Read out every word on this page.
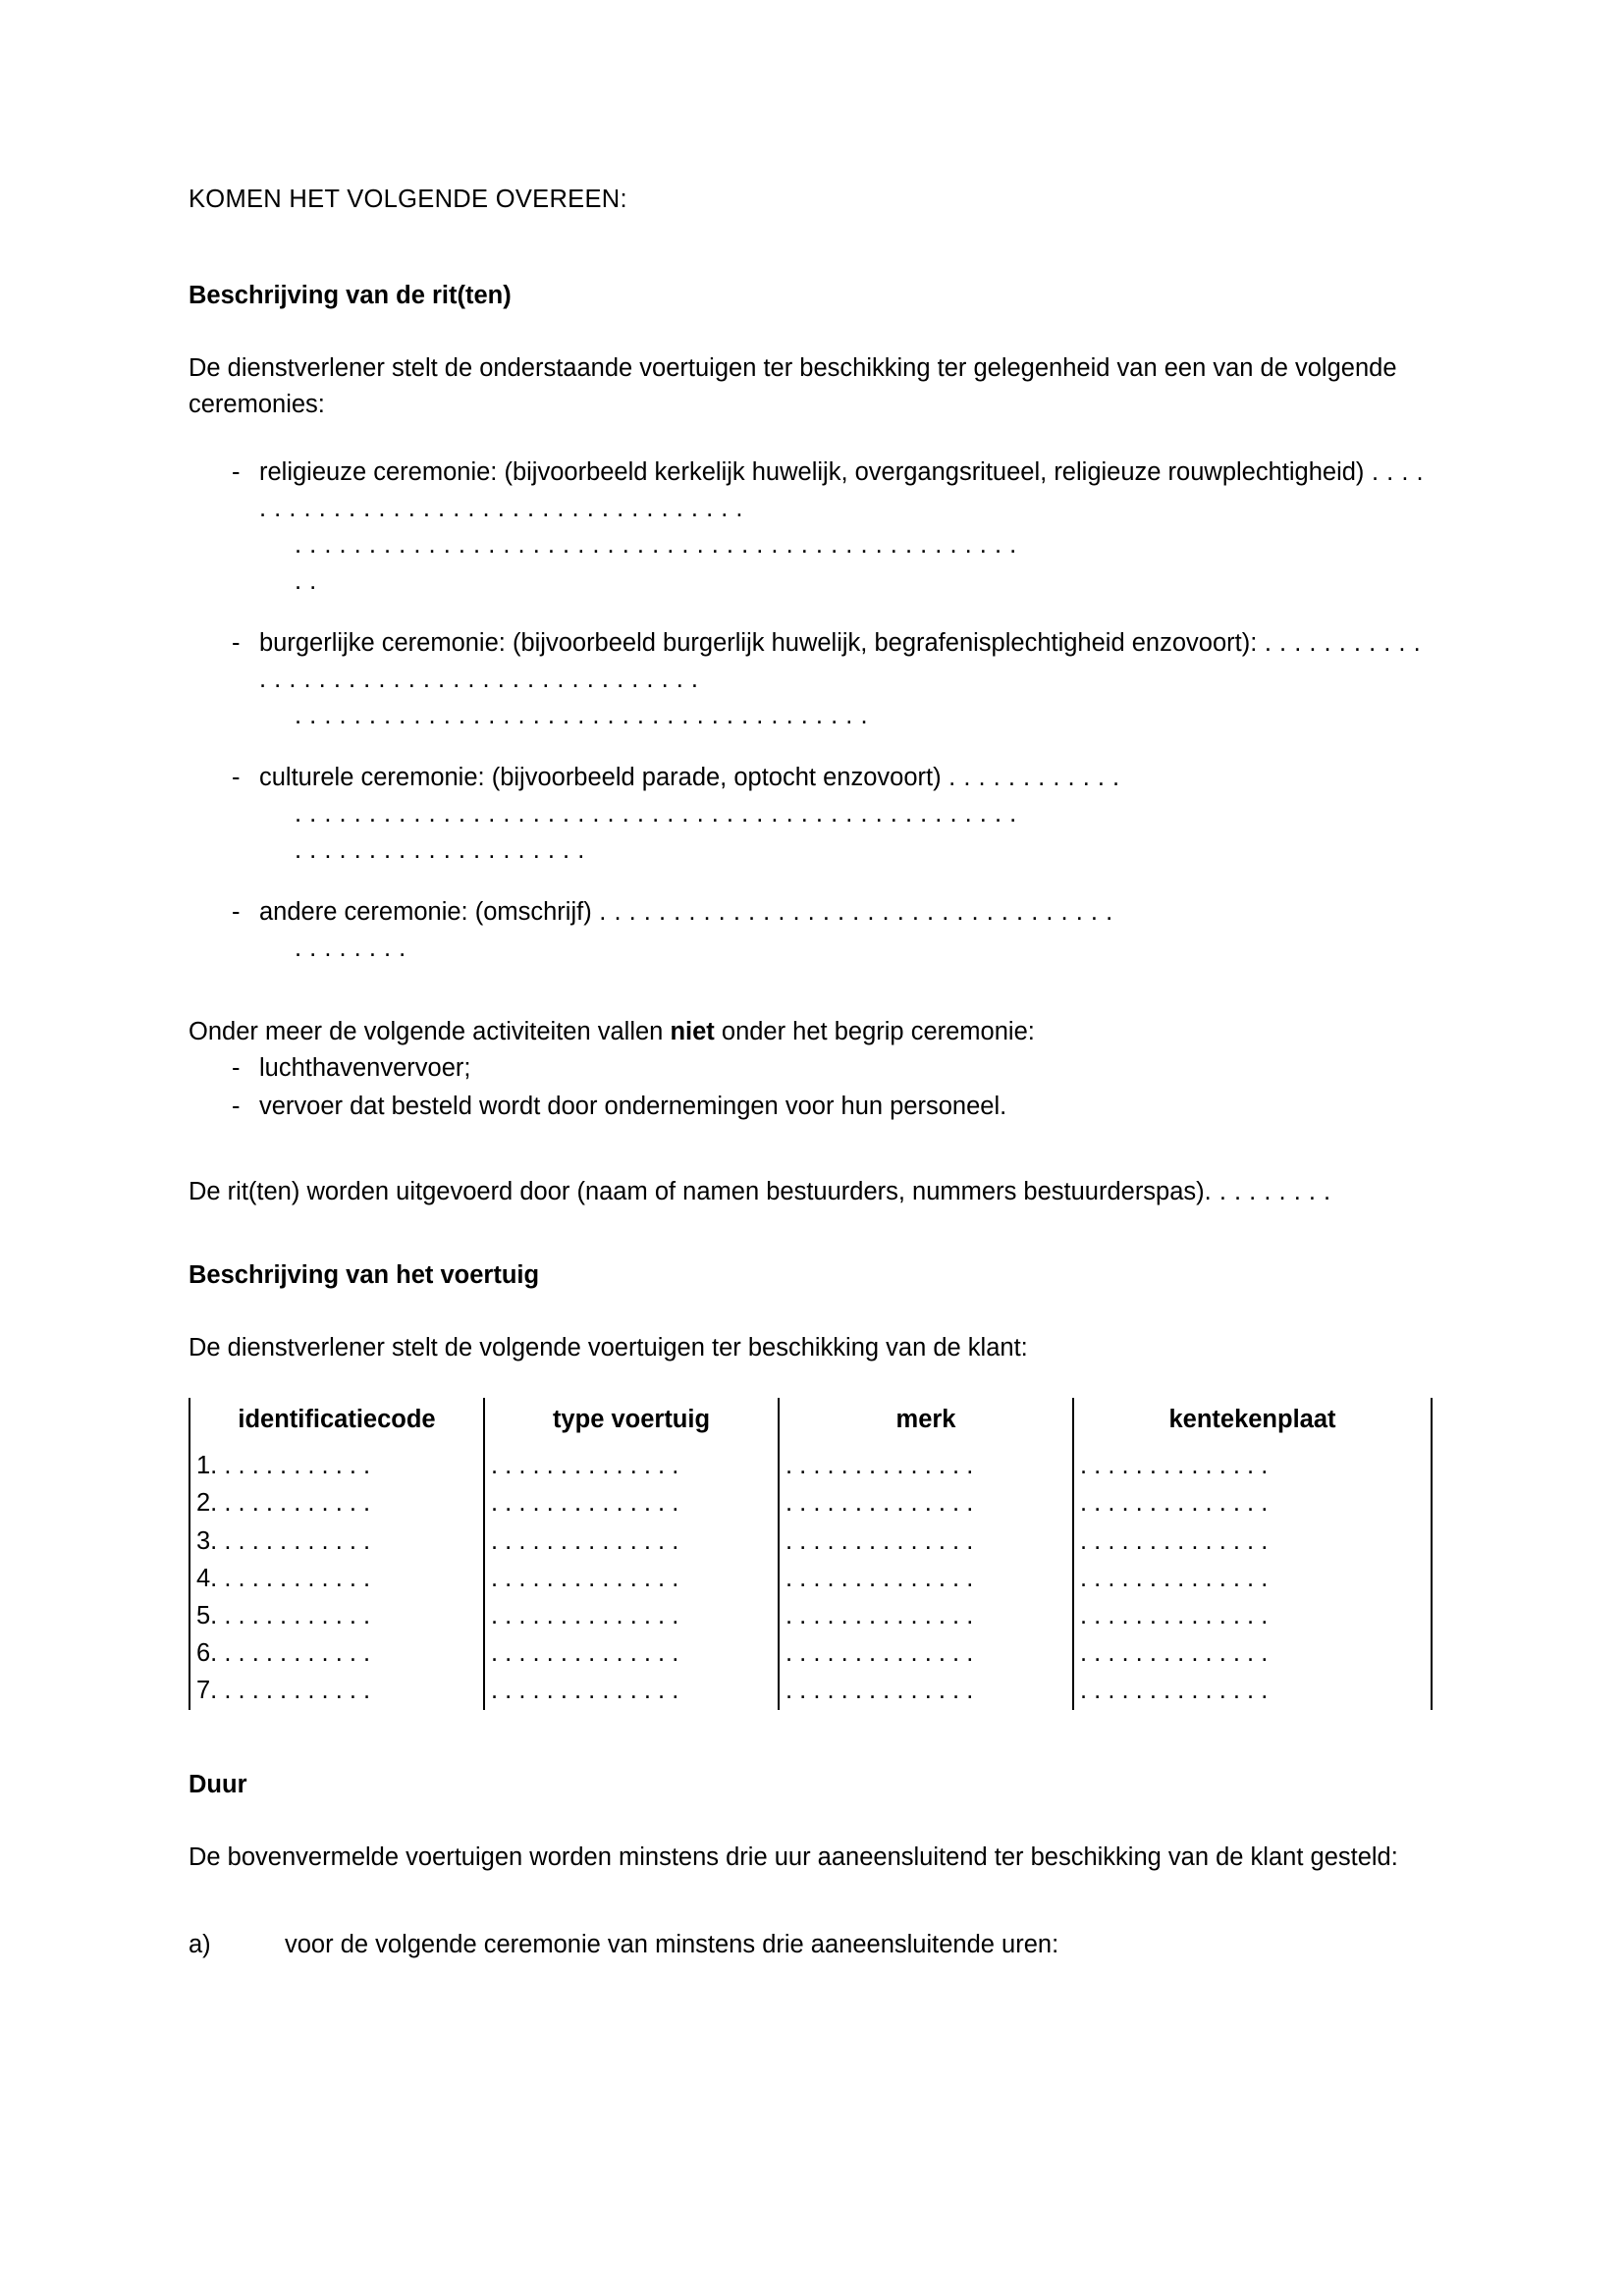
KOMEN HET VOLGENDE OVEREEN:
Beschrijving van de rit(ten)

De dienstverlener stelt de onderstaande voertuigen ter beschikking ter gelegenheid van een van de volgende ceremonies:

- religieuze ceremonie: (bijvoorbeeld kerkelijk huwelijk, overgangsritueel, religieuze rouwplechtigheid) . . . . . . . . . . . . . . . . . . . . . . . . . . . . . . . . . . . . .
. . . . . . . . . . . . . . . . . . . . . . . . . . . . . . . . . . . . . . . . . . . . . . . . .
. .
- burgerlijke ceremonie: (bijvoorbeeld burgerlijk huwelijk, begrafenisplechtigheid enzovoort): . . . . . . . . . . . . . . . . . . . . . . . . . . . . . . . . . . . . . . . . .
. . . . . . . . . . . . . . . . . . . . . . . . . . . . . . . . . . . . . . .
- culturele ceremonie: (bijvoorbeeld parade, optocht enzovoort) . . . . . . . . . . . .
. . . . . . . . . . . . . . . . . . . . . . . . . . . . . . . . . . . . . . . . . . . . . . . . .
. . . . . . . . . . . . . . . . . . . .
- andere ceremonie: (omschrijf) . . . . . . . . . . . . . . . . . . . . . . . . . . . . . . . . . . .
. . . . . . . .

Onder meer de volgende activiteiten vallen niet onder het begrip ceremonie:

- luchthavenvervoer;
- vervoer dat besteld wordt door ondernemingen voor hun personeel.

De rit(ten) worden uitgevoerd door (naam of namen bestuurders, nummers bestuurderspas). . . . . . . . .

Beschrijving van het voertuig

De dienstverlener stelt de volgende voertuigen ter beschikking van de klant:

identificatiecode	type voertuig	merk	kentekenplaat
1. . . . . . . . . . . .	. . . . . . . . . . . . . .	. . . . . . . . . . . . . .	. . . . . . . . . . . . . .
2. . . . . . . . . . . .	. . . . . . . . . . . . . .	. . . . . . . . . . . . . .	. . . . . . . . . . . . . .
3. . . . . . . . . . . .	. . . . . . . . . . . . . .	. . . . . . . . . . . . . .	. . . . . . . . . . . . . .
4. . . . . . . . . . . .	. . . . . . . . . . . . . .	. . . . . . . . . . . . . .	. . . . . . . . . . . . . .
5. . . . . . . . . . . .	. . . . . . . . . . . . . .	. . . . . . . . . . . . . .	. . . . . . . . . . . . . .
6. . . . . . . . . . . .	. . . . . . . . . . . . . .	. . . . . . . . . . . . . .	. . . . . . . . . . . . . .
7. . . . . . . . . . . .	. . . . . . . . . . . . . .	. . . . . . . . . . . . . .	. . . . . . . . . . . . . .
Duur

De bovenvermelde voertuigen worden minstens drie uur aaneensluitend ter beschikking van de klant gesteld:

a)	voor de volgende ceremonie van minstens drie aaneensluitende uren:
